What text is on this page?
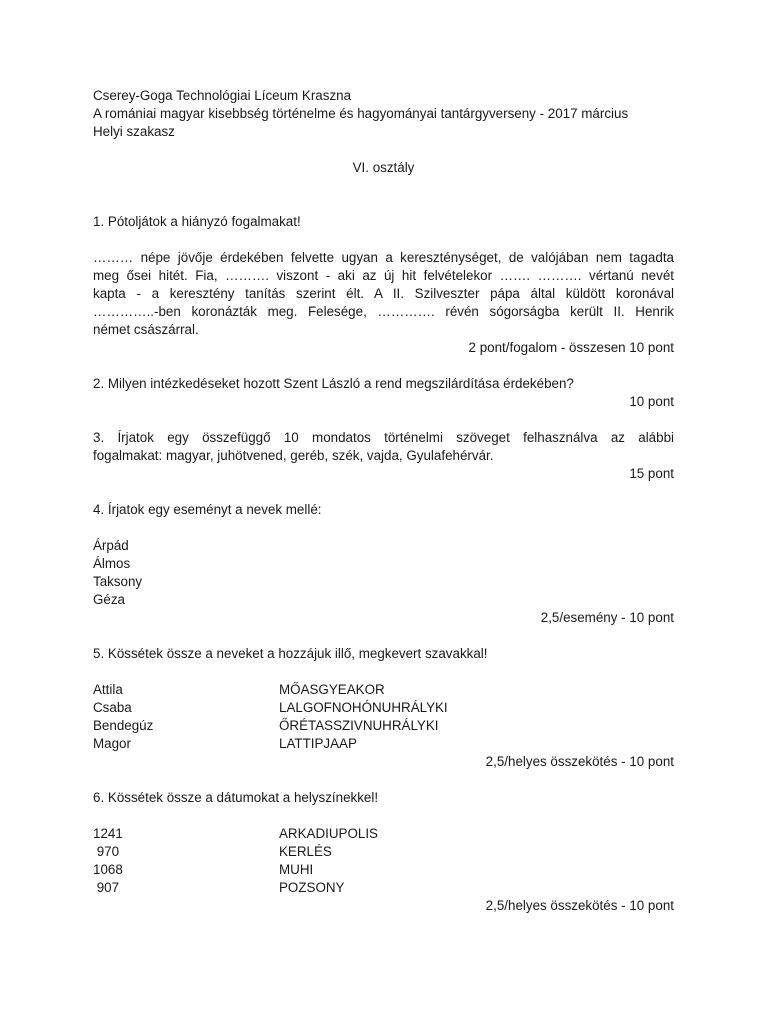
Cserey-Goga Technológiai Líceum Kraszna
A romániai magyar kisebbség történelme és hagyományai tantárgyverseny - 2017 március
Helyi szakasz
VI. osztály
1. Pótoljátok a hiányzó fogalmakat!
……… népe jövője érdekében felvette ugyan a kereszténységet, de valójában nem tagadta
meg ősei hitét. Fia, ………. viszont - aki az új hit felvételekor ……. ………. vértanú nevét
kapta - a keresztény tanítás szerint élt. A II. Szilveszter pápa által küldött koronával
…………..-ben koronázták meg. Felesége, …………. révén sógorságba került II. Henrik
német császárral.
2 pont/fogalom - összesen 10 pont
2. Milyen intézkedéseket hozott Szent László a rend megszilárdítása érdekében?
10 pont
3. Írjatok egy összefüggő 10 mondatos történelmi szöveget felhasználva az alábbi
fogalmakat: magyar, juhötvened, geréb, szék, vajda, Gyulafehérvár.
15 pont
4. Írjatok egy eseményt a nevek mellé:
Árpád
Álmos
Taksony
Géza
2,5/esemény - 10 pont
5. Kössétek össze a neveket a hozzájuk illő, megkevert szavakkal!
Attila	MŐASGYEAKOR
Csaba	LALGOFNOHÓNUHRÁLYKI
Bendegúz	ŐRÉTASSZIVNUHRÁLYKI
Magor	LATTIPJAAP
2,5/helyes összekötés - 10 pont
6. Kössétek össze a dátumokat a helyszínekkel!
1241	ARKADIUPOLIS
970	KERLÉS
1068	MUHI
907	POZSONY
2,5/helyes összekötés - 10 pont
